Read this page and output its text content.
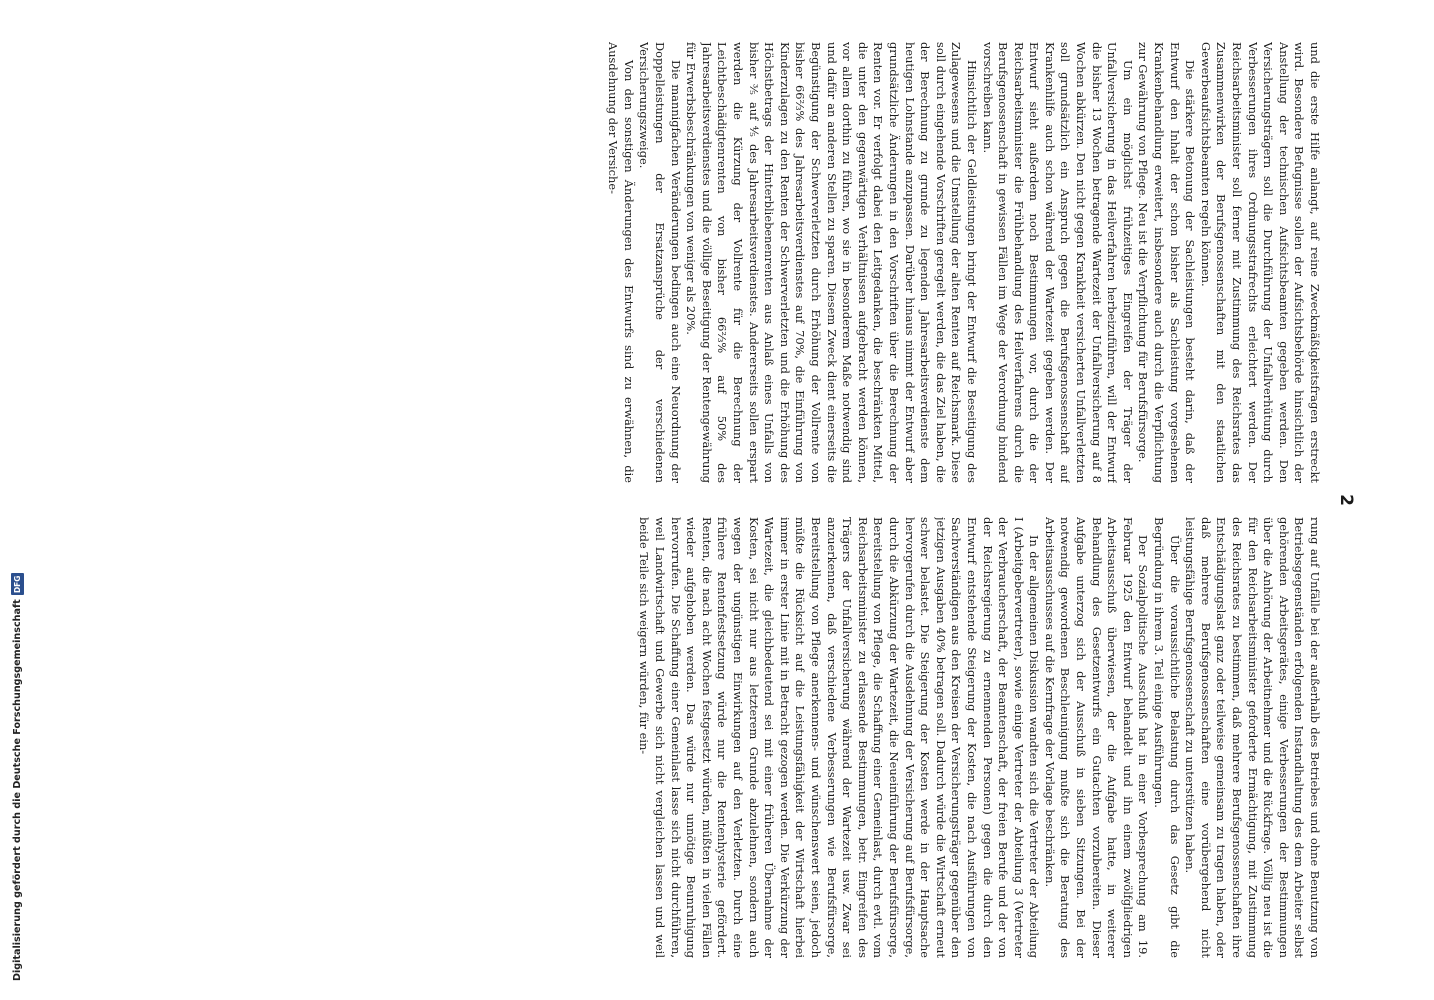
2

und die erste Hilfe anlangt, auf reine Zweckmäßigkeitsfragen erstreckt wird. Besondere Befugnisse sollen der Aufsichtsbehörde hinsichtlich der Anstellung der technischen Aufsichtsbeamten gegeben werden. Den Versicherungsträgern soll die Durchführung der Unfallverhütung durch Verbesserungen ihres Ordnungsstrafrechts erleichtert werden. Der Reichsarbeitsminister soll ferner mit Zustimmung des Reichsrates das Zusammenwirken der Berufsgenossenschaften mit den staatlichen Gewerbeaufsichtsbeamten regeln können.

Die stärkere Betonung der Sachleistungen besteht darin, daß der Entwurf den Inhalt der schon bisher als Sachleistung vorgesehenen Krankenbehandlung erweitert, insbesondere auch durch die Verpflichtung zur Gewährung von Pflege. Neu ist die Verpflichtung für Berufsfürsorge.

Um ein möglichst frühzeitiges Eingreifen der Träger der Unfallversicherung in das Heilverfahren herbeizuführen, will der Entwurf die bisher 13 Wochen betragende Wartezeit der Unfallversicherung auf 8 Wochen abkürzen. Den nicht gegen Krankheit versicherten Unfallverletzten soll grundsätzlich ein Anspruch gegen die Berufsgenossenschaft auf Krankenhilfe auch schon während der Wartezeit gegeben werden. Der Entwurf sieht außerdem noch Bestimmungen vor, durch die der Reichsarbeitsminister die Frühbehandlung des Heilverfahrens durch die Berufsgenossenschaft in gewissen Fällen im Wege der Verordnung bindend vorschreiben kann.

Hinsichtlich der Geldleistungen bringt der Entwurf die Beseitigung des Zulagewesens und die Umstellung der alten Renten auf Reichsmark. Diese soll durch eingehende Vorschriften geregelt werden, die das Ziel haben, die der Berechnung zu grunde zu legenden Jahresarbeitsverdienste dem heutigen Lohnstande anzupassen. Darüber hinaus nimmt der Entwurf aber grundsätzliche Änderungen in den Vorschriften über die Berechnung der Renten vor. Er verfolgt dabei den Leitgedanken, die beschränkten Mittel, die unter den gegenwärtigen Verhältnissen aufgebracht werden können, vor allem dorthin zu führen, wo sie in besonderem Maße notwendig sind und dafür an anderen Stellen zu sparen. Diesem Zweck dient einerseits die Begünstigung der Schwerverletzten durch Erhöhung der Vollrente von bisher 66⅔% des Jahresarbeitsverdienstes auf 70%, die Einführung von Kinderzulagen zu den Renten der Schwerverletzten und die Erhöhung des Höchstbetrags der Hinterbliebenenrenten aus Anlaß eines Unfalls von bisher ⅗ auf ⅘ des Jahresarbeitsverdienstes. Andererseits sollen erspart werden die Kürzung der Vollrente für die Berechnung der Leichtbeschädigtenrenten von bisher 66⅔% auf 50% des Jahresarbeitsverdienstes und die völlige Beseitigung der Rentengewährung für Erwerbsbeschränkungen von weniger als 20%.

Die mannigfachen Veränderungen bedingen auch eine Neuordnung der Doppelleistungen der Ersatzansprüche der verschiedenen Versicherungszweige.

Von den sonstigen Änderungen des Entwurfs sind zu erwähnen, die Ausdehnung der Versiche-

rung auf Unfälle bei der außerhalb des Betriebes und ohne Benutzung von Betriebsgegenständen erfolgenden Instandhaltung des dem Arbeiter selbst gehörenden Arbeitsgerätes, einige Verbesserungen der Bestimmungen über die Anhörung der Arbeitnehmer und die Rückfrage. Völlig neu ist die für den Reichsarbeitsminister geforderte Ermächtigung, mit Zustimmung des Reichsrates zu bestimmen, daß mehrere Berufsgenossenschaften ihre Entschädigungslast ganz oder teilweise gemeinsam zu tragen haben, oder daß mehrere Berufsgenossenschaften eine vorübergehend nicht leistungsfähige Berufsgenossenschaft zu unterstützen haben.

Über die voraussichtliche Belastung durch das Gesetz gibt die Begründung in ihrem 3. Teil einige Ausführungen.

Der Sozialpolitische Ausschuß hat in einer Vorbesprechung am 19. Februar 1925 den Entwurf behandelt und ihn einem zwölfgliedrigen Arbeitsausschuß überwiesen, der die Aufgabe hatte, in weiterer Behandlung des Gesetzentwurfs ein Gutachten vorzubereiten. Dieser Aufgabe unterzog sich der Ausschuß in sieben Sitzungen. Bei der notwendig gewordenen Beschleunigung mußte sich die Beratung des Arbeitsausschusses auf die Kernfrage der Vorlage beschränken.

In der allgemeinen Diskussion wandten sich die Vertreter der Abteilung I (Arbeitgebervertreter), sowie einige Vertreter der Abteilung 3 (Vertreter der Verbraucherschaft, der Beamtenschaft, der freien Berufe und der von der Reichsregierung zu ernennenden Personen) gegen die durch den Entwurf entstehende Steigerung der Kosten, die nach Ausführungen von Sachverständigen aus den Kreisen der Versicherungsträger gegenüber den jetzigen Ausgaben 40% betragen soll. Dadurch würde die Wirtschaft erneut schwer belastet. Die Steigerung der Kosten werde in der Hauptsache hervorgerufen durch die Ausdehnung der Versicherung auf Berufsfürsorge, durch die Abkürzung der Wartezeit, die Neueinführung der Berufsfürsorge, Bereitstellung von Pflege, die Schaffung einer Gemeinlast, durch evtl. vom Reichsarbeitsminister zu erlassende Bestimmungen, betr. Eingreifen des Trägers der Unfallversicherung während der Wartezeit usw. Zwar sei anzuerkennen, daß verschiedene Verbesserungen wie Berufsfürsorge, Bereitstellung von Pflege anerkennens- und wünschenswert seien, jedoch müßte die Rücksicht auf die Leistungsfähigkeit der Wirtschaft hierbei immer in erster Linie mit in Betracht gezogen werden. Die Verkürzung der Wartezeit, die gleichbedeutend sei mit einer früheren Übernahme der Kosten, sei nicht nur aus letzterem Grunde abzulehnen, sondern auch wegen der ungünstigen Einwirkungen auf den Verletzten. Durch eine frühere Rentenfestsetzung würde nur die Rentenhysterie gefördert. Renten, die nach acht Wochen festgesetzt würden, müßten in vielen Fällen wieder aufgehoben werden. Das würde nur unnötige Beunruhigung hervorrufen. Die Schaffung einer Gemeinlast lasse sich nicht durchführen, weil Landwirtschaft und Gewerbe sich nicht vergleichen lassen und weil beide Teile sich weigern würden, für ein-

Digitalisierung gefördert durch die Deutsche Forschungsgemeinschaft
DFG
